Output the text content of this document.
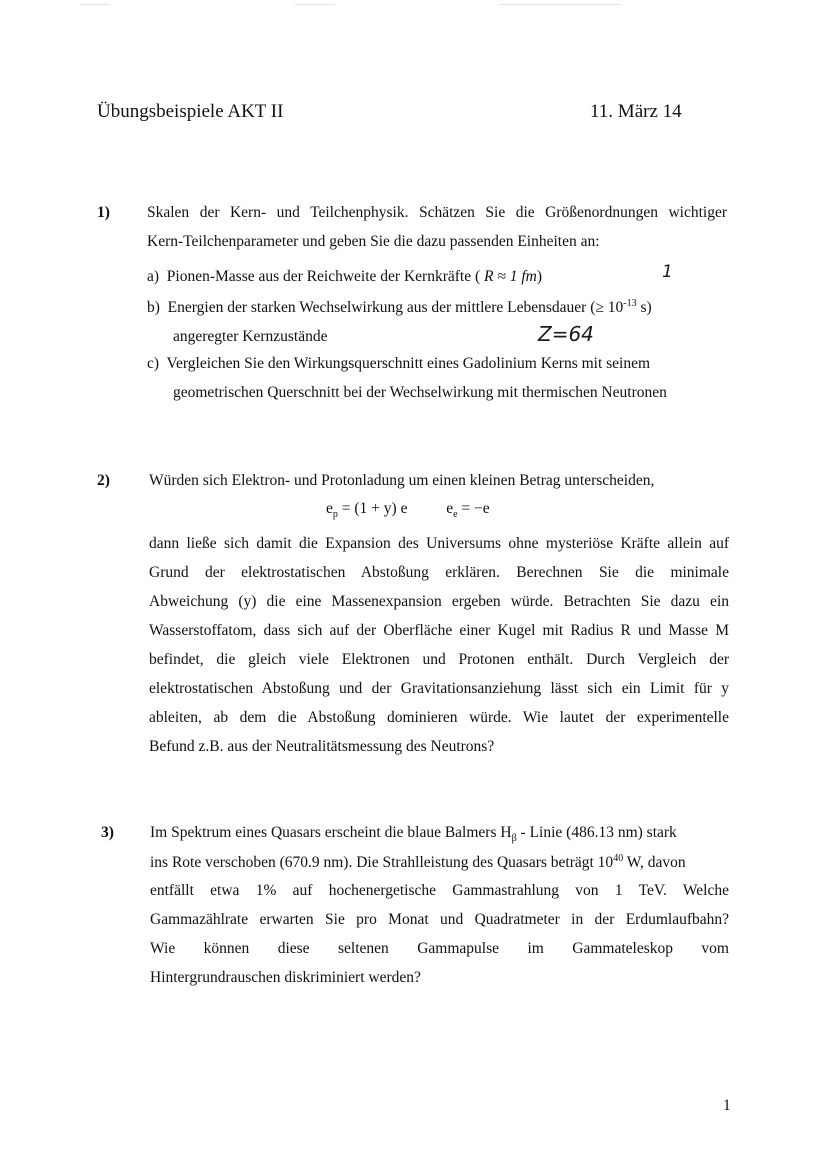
Übungsbeispiele AKT II	11. März 14
1) Skalen der Kern- und Teilchenphysik. Schätzen Sie die Größenordnungen wichtiger
Kern-Teilchenparameter und geben Sie die dazu passenden Einheiten an:
a) Pionen-Masse aus der Reichweite der Kernkräfte ( R ≈ 1 fm)	1
b) Energien der starken Wechselwirkung aus der mittlere Lebensdauer (≥ $10^{-13}$ s)
angeregter Kernzustände	Z=64
c) Vergleichen Sie den Wirkungsquerschnitt eines Gadolinium Kerns mit seinem
geometrischen Querschnitt bei der Wechselwirkung mit thermischen Neutronen
2)	Würden sich Elektron- und Protonladung um einen kleinen Betrag unterscheiden,
$e_p = (1 + y)$ e          $e_e = -e$
dann ließe sich damit die Expansion des Universums ohne mysteriöse Kräfte allein auf
Grund der elektrostatischen Abstoßung erklären. Berechnen Sie die minimale
Abweichung (y) die eine Massenexpansion ergeben würde. Betrachten Sie dazu ein
Wasserstoffatom, dass sich auf der Oberfläche einer Kugel mit Radius R und Masse M
befindet, die gleich viele Elektronen und Protonen enthält. Durch Vergleich der
elektrostatischen Abstoßung und der Gravitationsanziehung lässt sich ein Limit für y
ableiten, ab dem die Abstoßung dominieren würde. Wie lautet der experimentelle
Befund z.B. aus der Neutralitätsmessung des Neutrons?
3) Im Spektrum eines Quasars erscheint die blaue Balmers $H_\beta$ - Linie (486.13 nm) stark
ins Rote verschoben (670.9 nm). Die Strahlleistung des Quasars beträgt $10^{40}$ W, davon
entfällt etwa 1% auf hochenergetische Gammastrahlung von 1 TeV. Welche
Gammazählrate erwarten Sie pro Monat und Quadratmeter in der Erdumlaufbahn?
Wie können diese seltenen Gammapulse im Gammateleskop vom
Hintergrundrauschen diskriminiert werden?
1
